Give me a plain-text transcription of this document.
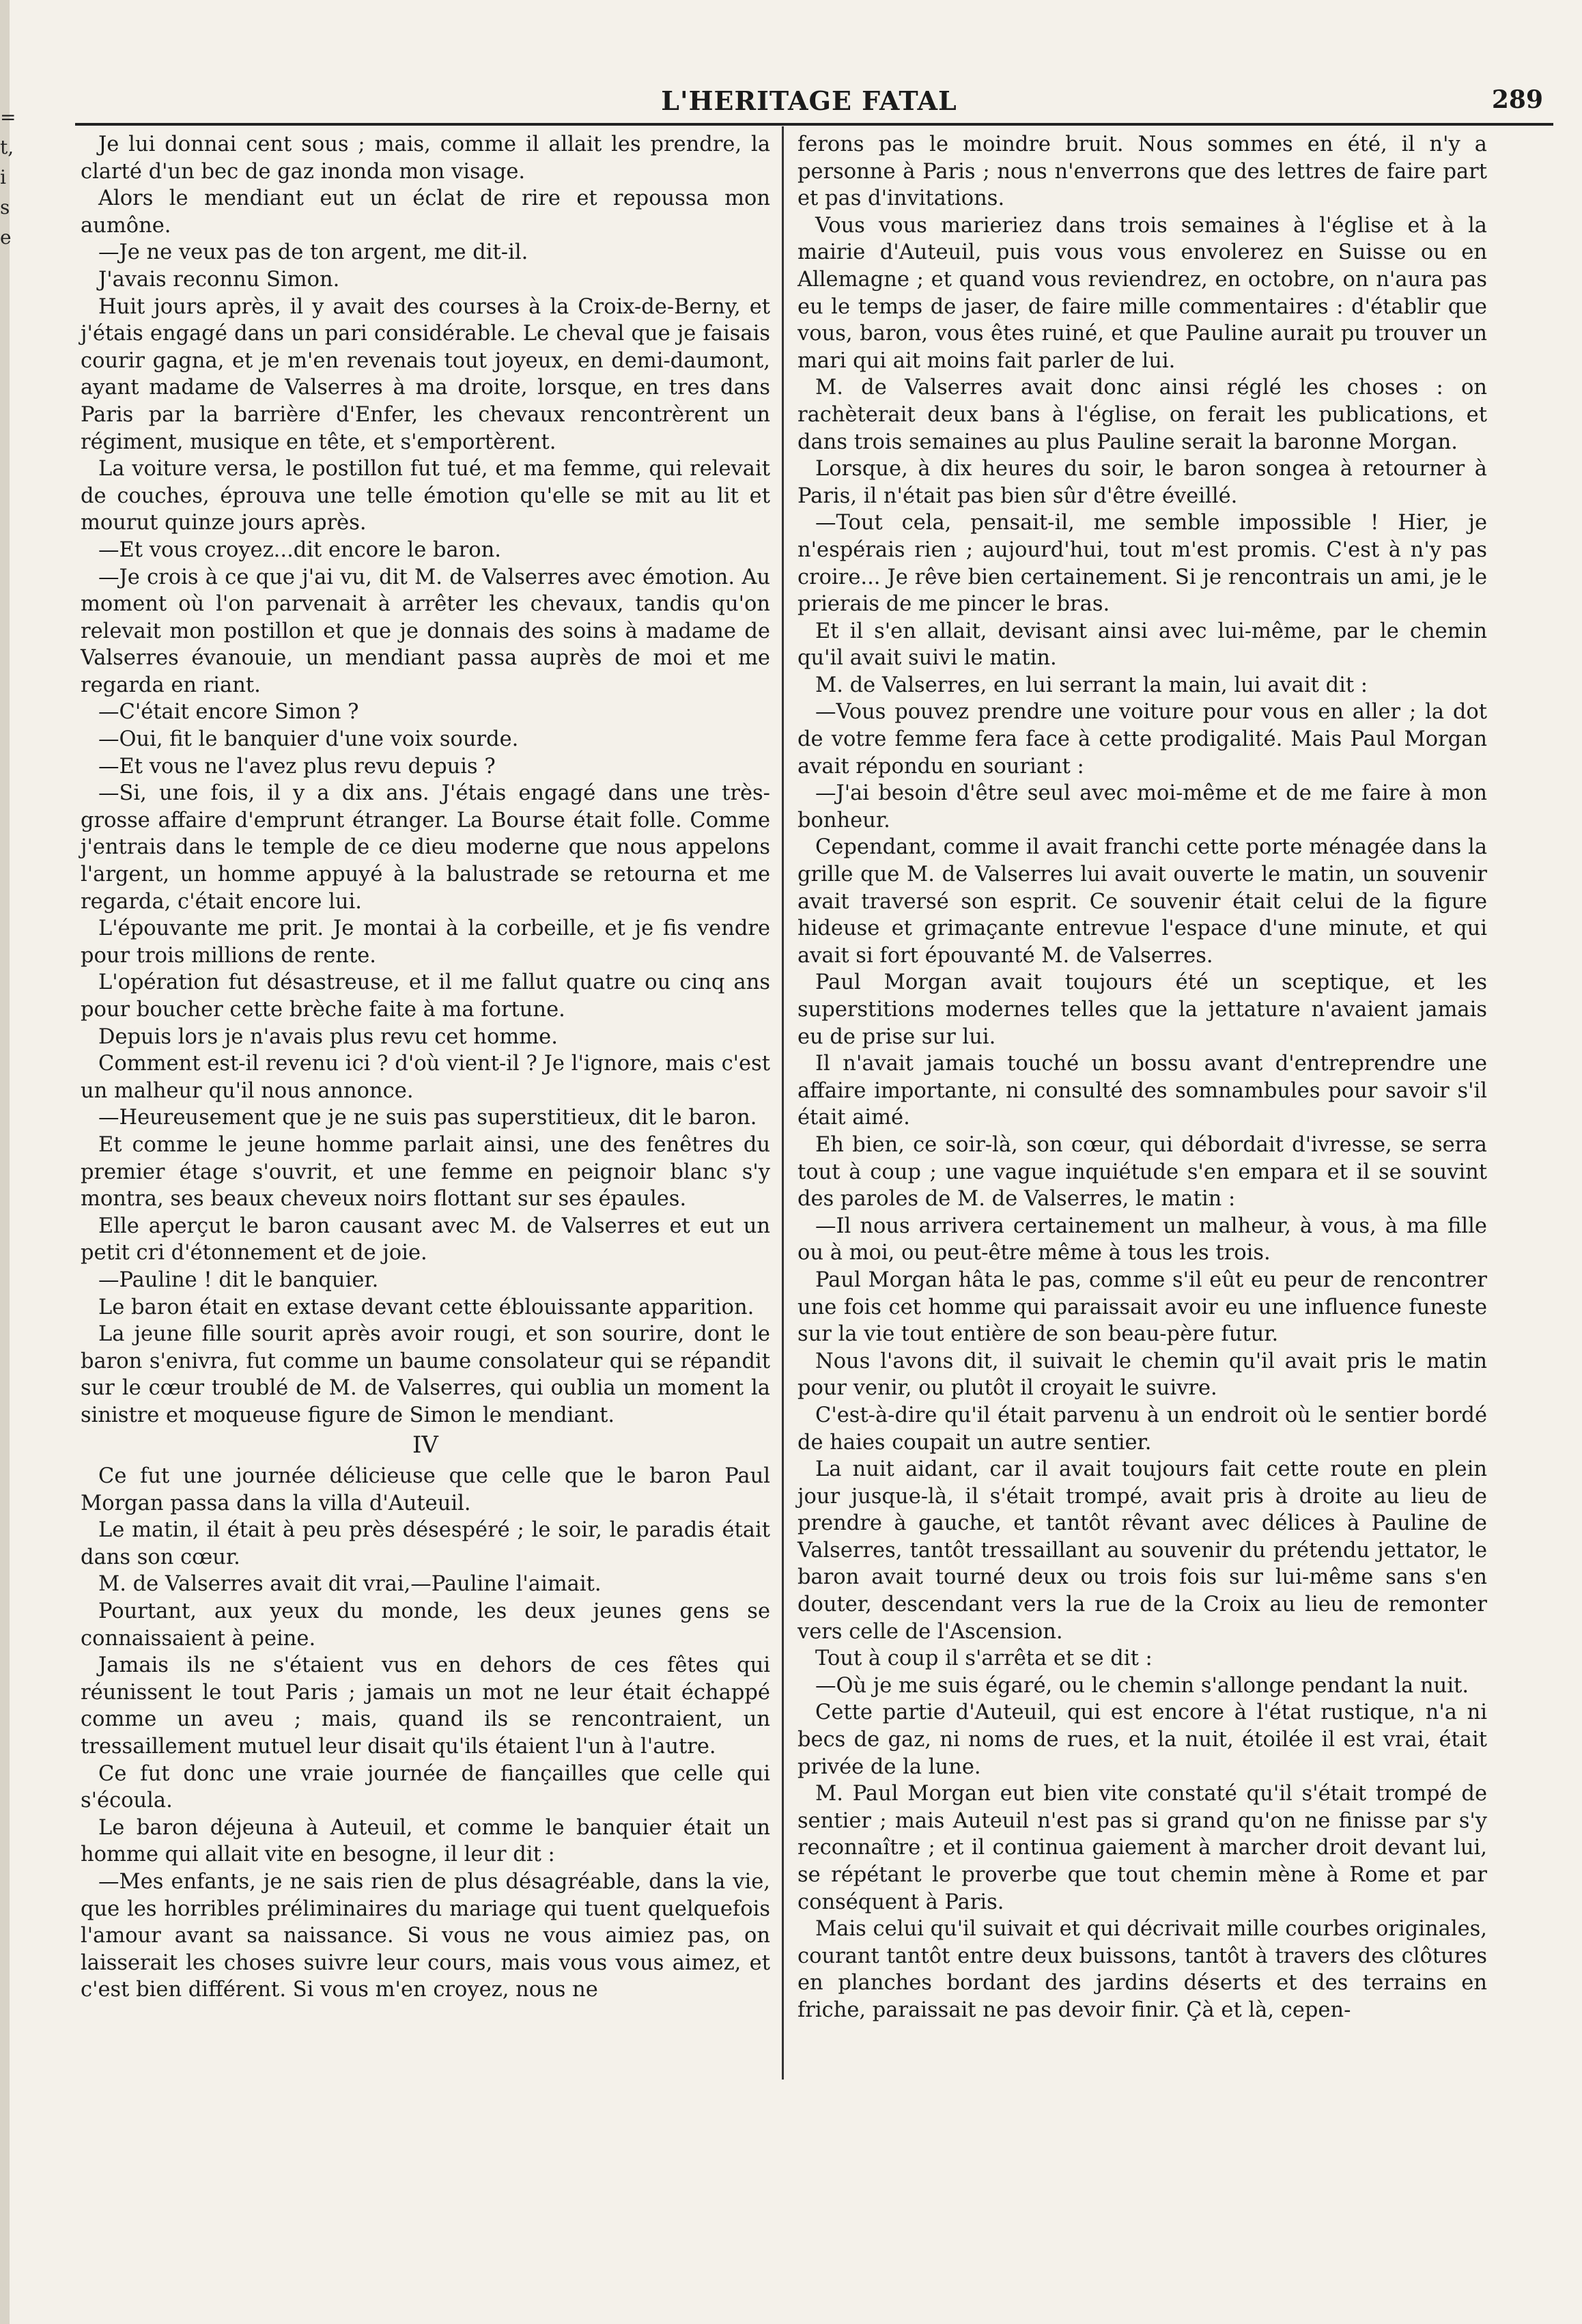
=
t,
i
s
e
L'HERITAGE FATAL	289

Je lui donnai cent sous ; mais, comme il allait les prendre, la clarté d'un bec de gaz inonda mon visage.

Alors le mendiant eut un éclat de rire et repoussa mon aumône.

—Je ne veux pas de ton argent, me dit-il.

J'avais reconnu Simon.

Huit jours après, il y avait des courses à la Croix-de-Berny, et j'étais engagé dans un pari considérable. Le cheval que je faisais courir gagna, et je m'en revenais tout joyeux, en demi-daumont, ayant madame de Valserres à ma droite, lorsque, en tres dans Paris par la barrière d'Enfer, les chevaux rencontrèrent un régiment, musique en tête, et s'emportèrent.

La voiture versa, le postillon fut tué, et ma femme, qui relevait de couches, éprouva une telle émotion qu'elle se mit au lit et mourut quinze jours après.

—Et vous croyez...dit encore le baron.

—Je crois à ce que j'ai vu, dit M. de Valserres avec émotion. Au moment où l'on parvenait à arrêter les chevaux, tandis qu'on relevait mon postillon et que je donnais des soins à madame de Valserres évanouie, un mendiant passa auprès de moi et me regarda en riant.

—C'était encore Simon ?

—Oui, fit le banquier d'une voix sourde.

—Et vous ne l'avez plus revu depuis ?

—Si, une fois, il y a dix ans. J'étais engagé dans une très-grosse affaire d'emprunt étranger. La Bourse était folle. Comme j'entrais dans le temple de ce dieu moderne que nous appelons l'argent, un homme appuyé à la balustrade se retourna et me regarda, c'était encore lui.

L'épouvante me prit. Je montai à la corbeille, et je fis vendre pour trois millions de rente.

L'opération fut désastreuse, et il me fallut quatre ou cinq ans pour boucher cette brèche faite à ma fortune.

Depuis lors je n'avais plus revu cet homme.

Comment est-il revenu ici ? d'où vient-il ? Je l'ignore, mais c'est un malheur qu'il nous annonce.

—Heureusement que je ne suis pas superstitieux, dit le baron.

Et comme le jeune homme parlait ainsi, une des fenêtres du premier étage s'ouvrit, et une femme en peignoir blanc s'y montra, ses beaux cheveux noirs flottant sur ses épaules.

Elle aperçut le baron causant avec M. de Valserres et eut un petit cri d'étonnement et de joie.

—Pauline ! dit le banquier.

Le baron était en extase devant cette éblouissante apparition.

La jeune fille sourit après avoir rougi, et son sourire, dont le baron s'enivra, fut comme un baume consolateur qui se répandit sur le cœur troublé de M. de Valserres, qui oublia un moment la sinistre et moqueuse figure de Simon le mendiant.

IV

Ce fut une journée délicieuse que celle que le baron Paul Morgan passa dans la villa d'Auteuil.

Le matin, il était à peu près désespéré ; le soir, le paradis était dans son cœur.

M. de Valserres avait dit vrai,—Pauline l'aimait.

Pourtant, aux yeux du monde, les deux jeunes gens se connaissaient à peine.

Jamais ils ne s'étaient vus en dehors de ces fêtes qui réunissent le tout Paris ; jamais un mot ne leur était échappé comme un aveu ; mais, quand ils se rencontraient, un tressaillement mutuel leur disait qu'ils étaient l'un à l'autre.

Ce fut donc une vraie journée de fiançailles que celle qui s'écoula.

Le baron déjeuna à Auteuil, et comme le banquier était un homme qui allait vite en besogne, il leur dit :

—Mes enfants, je ne sais rien de plus désagréable, dans la vie, que les horribles préliminaires du mariage qui tuent quelquefois l'amour avant sa naissance. Si vous ne vous aimiez pas, on laisserait les choses suivre leur cours, mais vous vous aimez, et c'est bien différent. Si vous m'en croyez, nous ne

ferons pas le moindre bruit. Nous sommes en été, il n'y a personne à Paris ; nous n'enverrons que des lettres de faire part et pas d'invitations.

Vous vous marieriez dans trois semaines à l'église et à la mairie d'Auteuil, puis vous vous envolerez en Suisse ou en Allemagne ; et quand vous reviendrez, en octobre, on n'aura pas eu le temps de jaser, de faire mille commentaires : d'établir que vous, baron, vous êtes ruiné, et que Pauline aurait pu trouver un mari qui ait moins fait parler de lui.

M. de Valserres avait donc ainsi réglé les choses : on rachèterait deux bans à l'église, on ferait les publications, et dans trois semaines au plus Pauline serait la baronne Morgan.

Lorsque, à dix heures du soir, le baron songea à retourner à Paris, il n'était pas bien sûr d'être éveillé.

—Tout cela, pensait-il, me semble impossible ! Hier, je n'espérais rien ; aujourd'hui, tout m'est promis. C'est à n'y pas croire... Je rêve bien certainement. Si je rencontrais un ami, je le prierais de me pincer le bras.

Et il s'en allait, devisant ainsi avec lui-même, par le chemin qu'il avait suivi le matin.

M. de Valserres, en lui serrant la main, lui avait dit :

—Vous pouvez prendre une voiture pour vous en aller ; la dot de votre femme fera face à cette prodigalité. Mais Paul Morgan avait répondu en souriant :

—J'ai besoin d'être seul avec moi-même et de me faire à mon bonheur.

Cependant, comme il avait franchi cette porte ménagée dans la grille que M. de Valserres lui avait ouverte le matin, un souvenir avait traversé son esprit. Ce souvenir était celui de la figure hideuse et grimaçante entrevue l'espace d'une minute, et qui avait si fort épouvanté M. de Valserres.

Paul Morgan avait toujours été un sceptique, et les superstitions modernes telles que la jettature n'avaient jamais eu de prise sur lui.

Il n'avait jamais touché un bossu avant d'entreprendre une affaire importante, ni consulté des somnambules pour savoir s'il était aimé.

Eh bien, ce soir-là, son cœur, qui débordait d'ivresse, se serra tout à coup ; une vague inquiétude s'en empara et il se souvint des paroles de M. de Valserres, le matin :

—Il nous arrivera certainement un malheur, à vous, à ma fille ou à moi, ou peut-être même à tous les trois.

Paul Morgan hâta le pas, comme s'il eût eu peur de rencontrer une fois cet homme qui paraissait avoir eu une influence funeste sur la vie tout entière de son beau-père futur.

Nous l'avons dit, il suivait le chemin qu'il avait pris le matin pour venir, ou plutôt il croyait le suivre.

C'est-à-dire qu'il était parvenu à un endroit où le sentier bordé de haies coupait un autre sentier.

La nuit aidant, car il avait toujours fait cette route en plein jour jusque-là, il s'était trompé, avait pris à droite au lieu de prendre à gauche, et tantôt rêvant avec délices à Pauline de Valserres, tantôt tressaillant au souvenir du prétendu jettator, le baron avait tourné deux ou trois fois sur lui-même sans s'en douter, descendant vers la rue de la Croix au lieu de remonter vers celle de l'Ascension.

Tout à coup il s'arrêta et se dit :

—Où je me suis égaré, ou le chemin s'allonge pendant la nuit.

Cette partie d'Auteuil, qui est encore à l'état rustique, n'a ni becs de gaz, ni noms de rues, et la nuit, étoilée il est vrai, était privée de la lune.

M. Paul Morgan eut bien vite constaté qu'il s'était trompé de sentier ; mais Auteuil n'est pas si grand qu'on ne finisse par s'y reconnaître ; et il continua gaiement à marcher droit devant lui, se répétant le proverbe que tout chemin mène à Rome et par conséquent à Paris.

Mais celui qu'il suivait et qui décrivait mille courbes originales, courant tantôt entre deux buissons, tantôt à travers des clôtures en planches bordant des jardins déserts et des terrains en friche, paraissait ne pas devoir finir. Çà et là, cepen-
